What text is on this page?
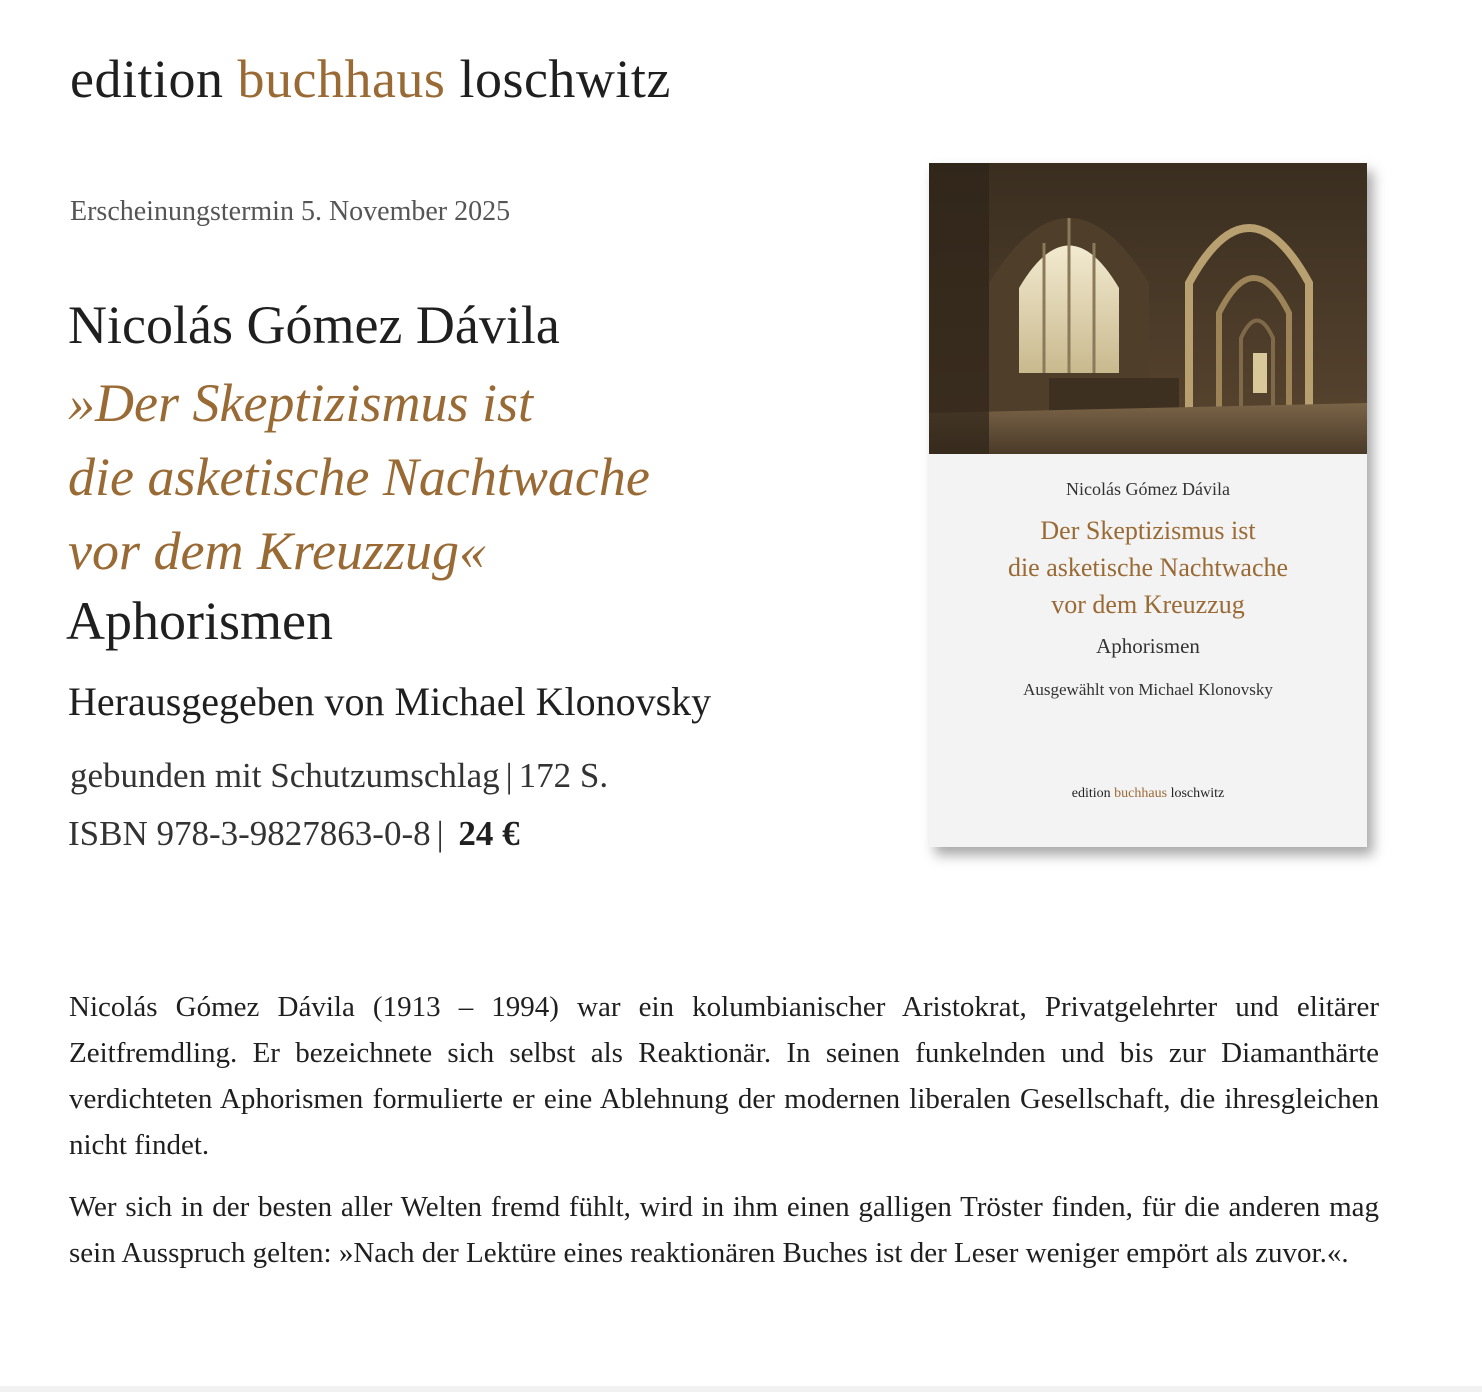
edition buchhaus loschwitz
Erscheinungstermin 5. November 2025
Nicolás Gómez Dávila
»Der Skeptizismus ist
die asketische Nachtwache
vor dem Kreuzzug«
Aphorismen
Herausgegeben von Michael Klonovsky
gebunden mit Schutzumschlag | 172 S.
ISBN 978-3-9827863-0-8 | 24 €
Nicolás Gómez Dávila
Der Skeptizismus ist
die asketische Nachtwache
vor dem Kreuzzug
Aphorismen
Ausgewählt von Michael Klonovsky
edition buchhaus loschwitz

Nicolás Gómez Dávila (1913 – 1994) war ein kolumbianischer Aristokrat, Privatgelehrter und elitärer Zeitfremdling. Er bezeichnete sich selbst als Reaktionär. In seinen funkelnden und bis zur Diamanthärte verdichteten Aphorismen formulierte er eine Ablehnung der modernen liberalen Gesellschaft, die ihresgleichen nicht findet.

Wer sich in der besten aller Welten fremd fühlt, wird in ihm einen galligen Tröster finden, für die anderen mag sein Ausspruch gelten: »Nach der Lektüre eines reaktionären Buches ist der Leser weniger empört als zuvor.«.
